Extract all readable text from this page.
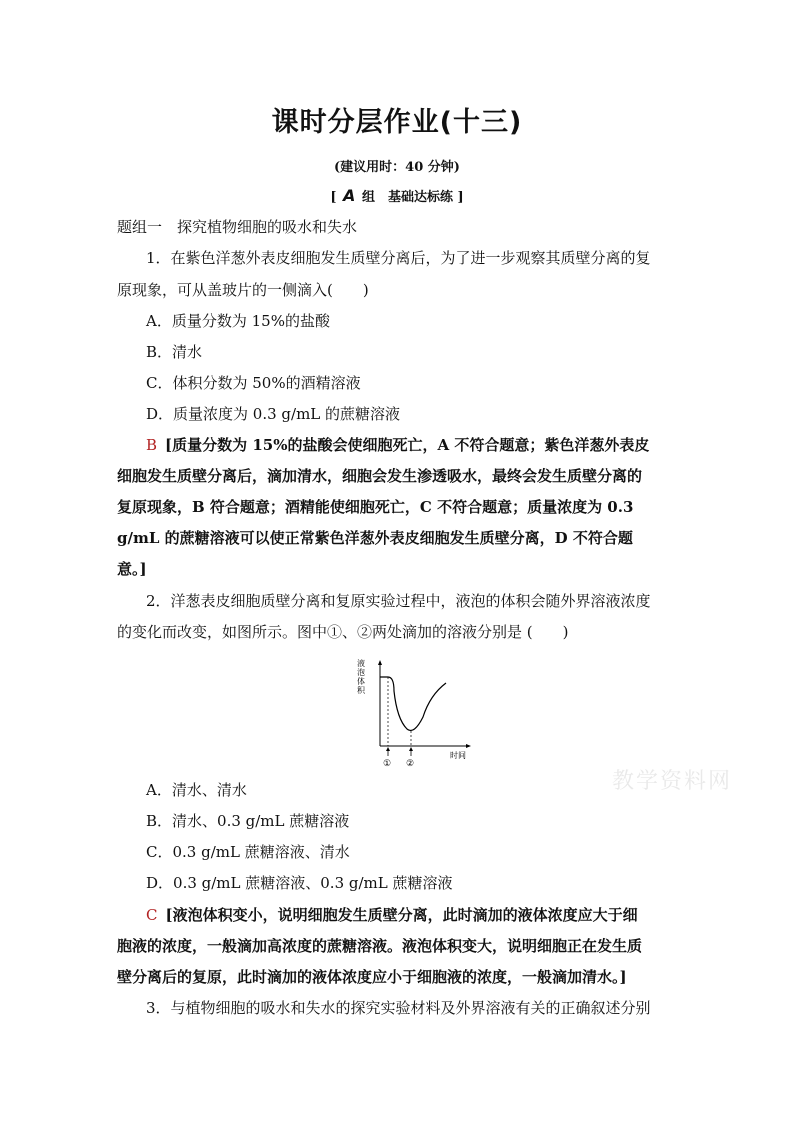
课时分层作业(十三)
(建议用时：40 分钟)
[ A 组　基础达标练 ]
题组一　探究植物细胞的吸水和失水
1．在紫色洋葱外表皮细胞发生质壁分离后，为了进一步观察其质壁分离的复
原现象，可从盖玻片的一侧滴入(　　)
A．质量分数为 15%的盐酸
B．清水
C．体积分数为 50%的酒精溶液
D．质量浓度为 0.3 g/mL 的蔗糖溶液
B [质量分数为 15%的盐酸会使细胞死亡，A 不符合题意；紫色洋葱外表皮
细胞发生质壁分离后，滴加清水，细胞会发生渗透吸水，最终会发生质壁分离的
复原现象，B 符合题意；酒精能使细胞死亡，C 不符合题意；质量浓度为 0.3
g/mL 的蔗糖溶液可以使正常紫色洋葱外表皮细胞发生质壁分离，D 不符合题
意。]
2．洋葱表皮细胞质壁分离和复原实验过程中，液泡的体积会随外界溶液浓度
的变化而改变，如图所示。图中①、②两处滴加的溶液分别是 (　　)
液 泡 体 积
① ②
时间
教学资料网
A．清水、清水
B．清水、0.3 g/mL 蔗糖溶液
C．0.3 g/mL 蔗糖溶液、清水
D．0.3 g/mL 蔗糖溶液、0.3 g/mL 蔗糖溶液
C [液泡体积变小，说明细胞发生质壁分离，此时滴加的液体浓度应大于细
胞液的浓度，一般滴加高浓度的蔗糖溶液。液泡体积变大，说明细胞正在发生质
壁分离后的复原，此时滴加的液体浓度应小于细胞液的浓度，一般滴加清水。]
3．与植物细胞的吸水和失水的探究实验材料及外界溶液有关的正确叙述分别
